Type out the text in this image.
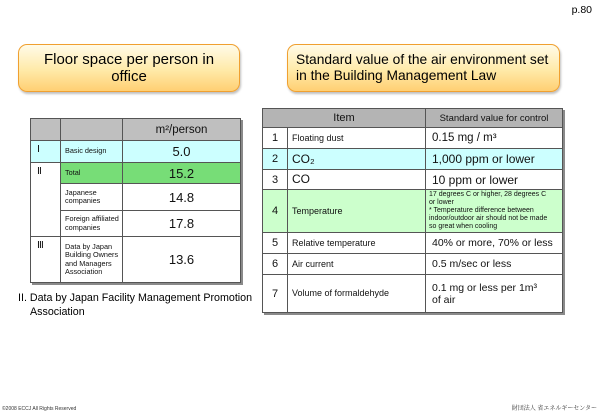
p.80
Floor space per person in office
Standard value of the air environment set in the Building Management Law
		m²/person
Ⅰ	Basic design	5.0
Ⅱ	Total	15.2
	Japanese companies	14.8
	Foreign affiliated companies	17.8
Ⅲ	Data by Japan Building Owners and Managers Association	13.6
II. Data by Japan Facility Management Promotion Association
Item		Standard value for control
1	Floating dust	0.15 mg / m³
2	CO₂	1,000 ppm or lower
3	CO	10 ppm or lower
4	Temperature	17 degrees C or higher, 28 degrees C or lower
* Temperature difference between indoor/outdoor air should not be made so great when cooling

5	Relative temperature	40% or more, 70% or less
6	Air current	0.5 m/sec or less
7	Volume of formaldehyde	0.1 mg or less per 1m³ of air
©2008 ECCJ All Rights Reserved	財団法人 省エネルギーセンター
